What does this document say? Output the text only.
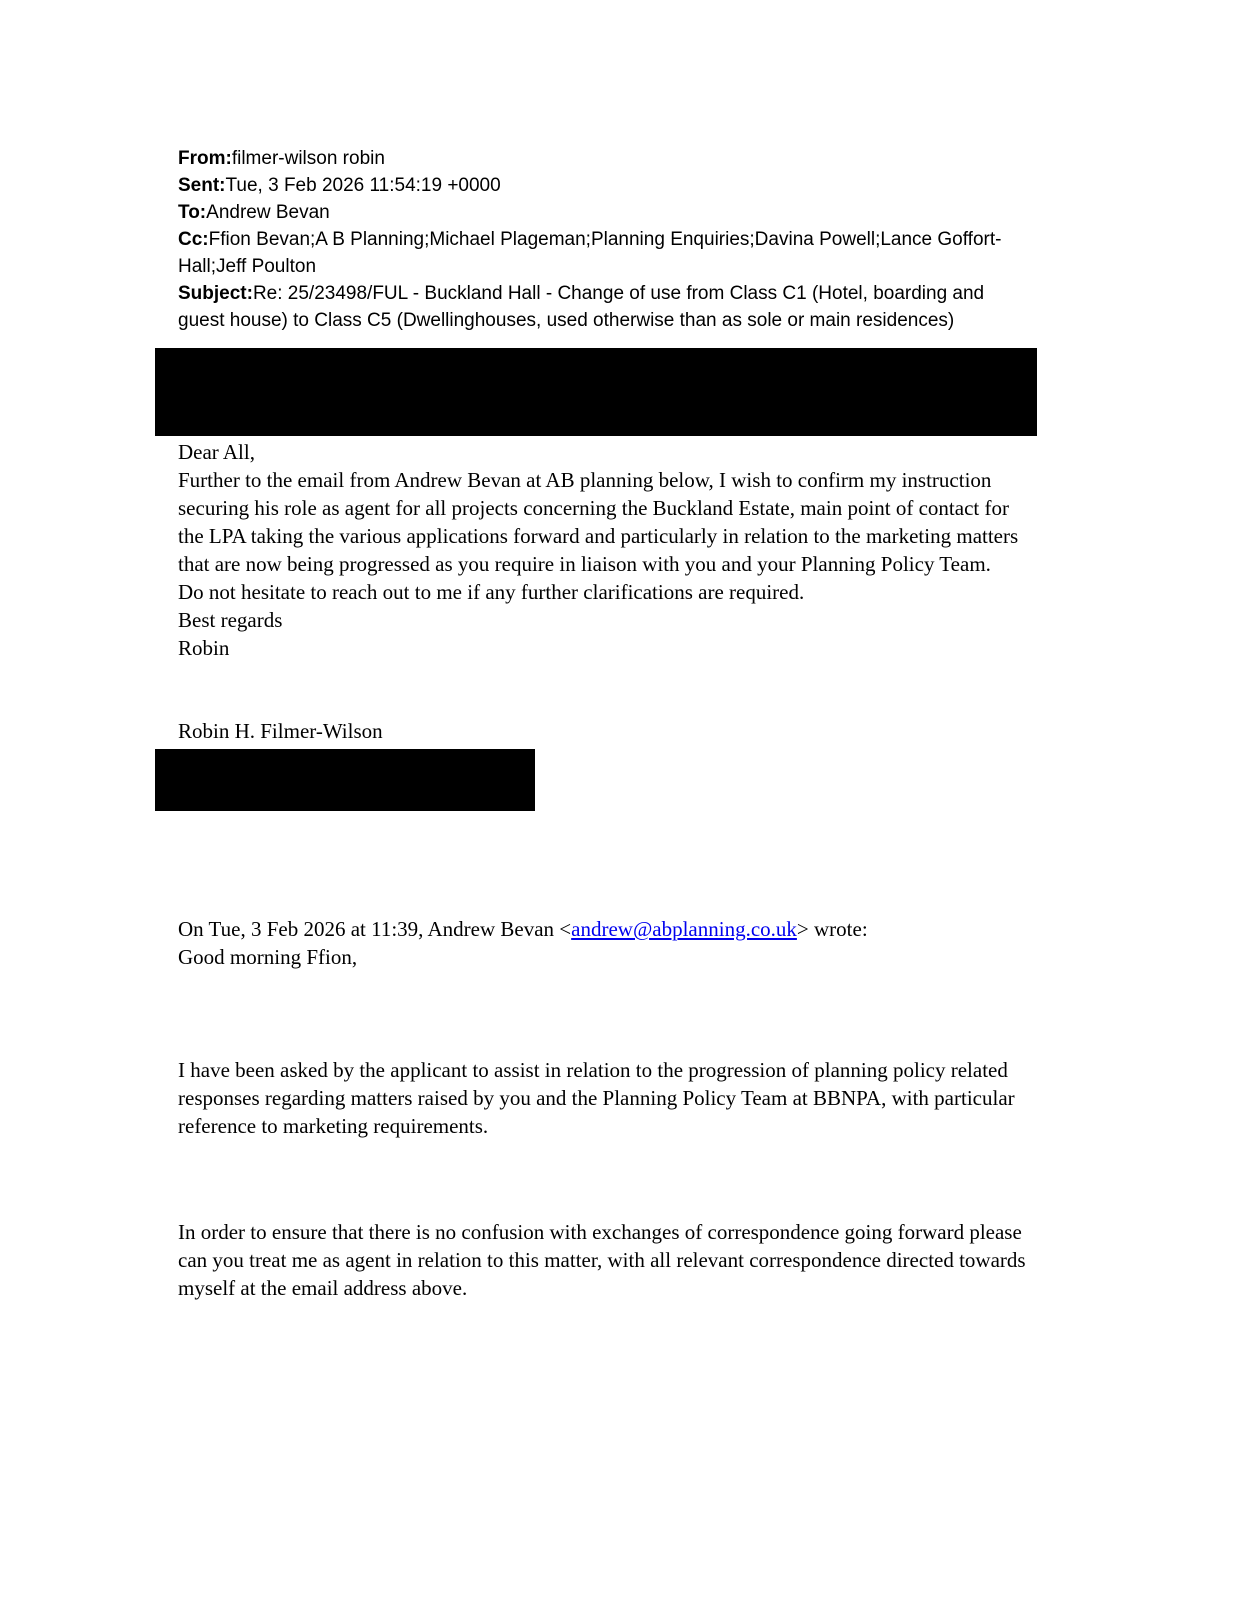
From:filmer-wilson robin
Sent:Tue, 3 Feb 2026 11:54:19 +0000
To:Andrew Bevan
Cc:Ffion Bevan;A B Planning;Michael Plageman;Planning Enquiries;Davina Powell;Lance Goffort-Hall;Jeff Poulton
Subject:Re: 25/23498/FUL - Buckland Hall - Change of use from Class C1 (Hotel, boarding and guest house) to Class C5 (Dwellinghouses, used otherwise than as sole or main residences)
Dear All,
Further to the email from Andrew Bevan at AB planning below, I wish to confirm my instruction securing his role as agent for all projects concerning the Buckland Estate, main point of contact for the LPA taking the various applications forward and particularly in relation to the marketing matters that are now being progressed as you require in liaison with you and your Planning Policy Team.
Do not hesitate to reach out to me if any further clarifications are required.
Best regards
Robin
Robin H. Filmer-Wilson
On Tue, 3 Feb 2026 at 11:39, Andrew Bevan <andrew@abplanning.co.uk> wrote:
Good morning Ffion,
I have been asked by the applicant to assist in relation to the progression of planning policy related responses regarding matters raised by you and the Planning Policy Team at BBNPA, with particular reference to marketing requirements.
In order to ensure that there is no confusion with exchanges of correspondence going forward please can you treat me as agent in relation to this matter, with all relevant correspondence directed towards myself at the email address above.
